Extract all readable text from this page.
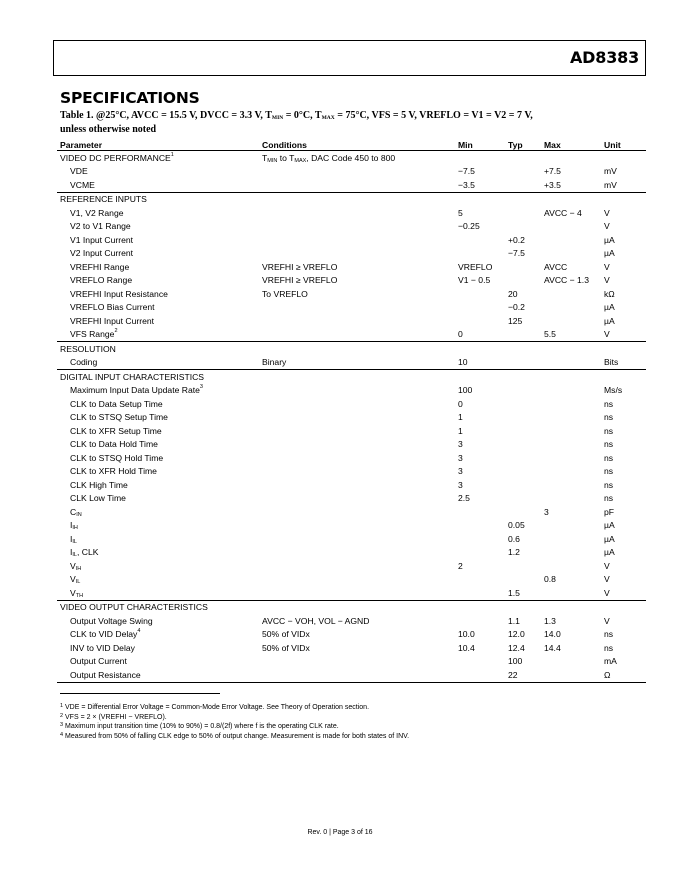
AD8383
SPECIFICATIONS
Table 1. @25°C, AVCC = 15.5 V, DVCC = 3.3 V, $T_{MIN} = 0^\circ C$, $T_{MAX} = 75^\circ C$, VFS = 5 V, VREFLO = V1 = V2 = 7 V,
unless otherwise noted
Parameter	Conditions	Min	Typ	Max	Unit
VIDEO DC PERFORMANCE$^1$	$T_{MIN}$ to $T_{MAX}$, DAC Code 450 to 800				
VDE		−7.5		+7.5	mV
VCME		−3.5		+3.5	mV
REFERENCE INPUTS					
V1, V2 Range		5		AVCC − 4	V
V2 to V1 Range		−0.25			V
V1 Input Current			+0.2		µA
V2 Input Current			−7.5		µA
VREFHI Range	VREFHI ≥ VREFLO	VREFLO		AVCC	V
VREFLO Range	VREFHI ≥ VREFLO	V1 − 0.5		AVCC − 1.3	V
VREFHI Input Resistance	To VREFLO		20		kΩ
VREFLO Bias Current			−0.2		µA
VREFHI Input Current			125		µA
VFS Range$^2$		0		5.5	V
RESOLUTION					
Coding	Binary	10			Bits
DIGITAL INPUT CHARACTERISTICS					
Maximum Input Data Update Rate$^3$		100			Ms/s
CLK to Data Setup Time		0			ns
CLK to STSQ Setup Time		1			ns
CLK to XFR Setup Time		1			ns
CLK to Data Hold Time		3			ns
CLK to STSQ Hold Time		3			ns
CLK to XFR Hold Time		3			ns
CLK High Time		3			ns
CLK Low Time		2.5			ns
$C_{IN}$				3	pF
$I_{IH}$			0.05		µA
$I_{IL}$			0.6		µA
$I_{IL}$, CLK			1.2		µA
$V_{IH}$		2			V
$V_{IL}$				0.8	V
$V_{TH}$			1.5		V
VIDEO OUTPUT CHARACTERISTICS					
Output Voltage Swing	AVCC − VOH, VOL − AGND		1.1	1.3	V
CLK to VID Delay$^4$	50% of VIDx	10.0	12.0	14.0	ns
INV to VID Delay	50% of VIDx	10.4	12.4	14.4	ns
Output Current			100		mA
Output Resistance			22		Ω
$^1$ VDE = Differential Error Voltage = Common-Mode Error Voltage. See Theory of Operation section.
$^2$ VFS = 2 × (VREFHI − VREFLO).
$^3$ Maximum input transition time (10% to 90%) = 0.8/(2f) where f is the operating CLK rate.
$^4$ Measured from 50% of falling CLK edge to 50% of output change. Measurement is made for both states of INV.
Rev. 0 | Page 3 of 16
